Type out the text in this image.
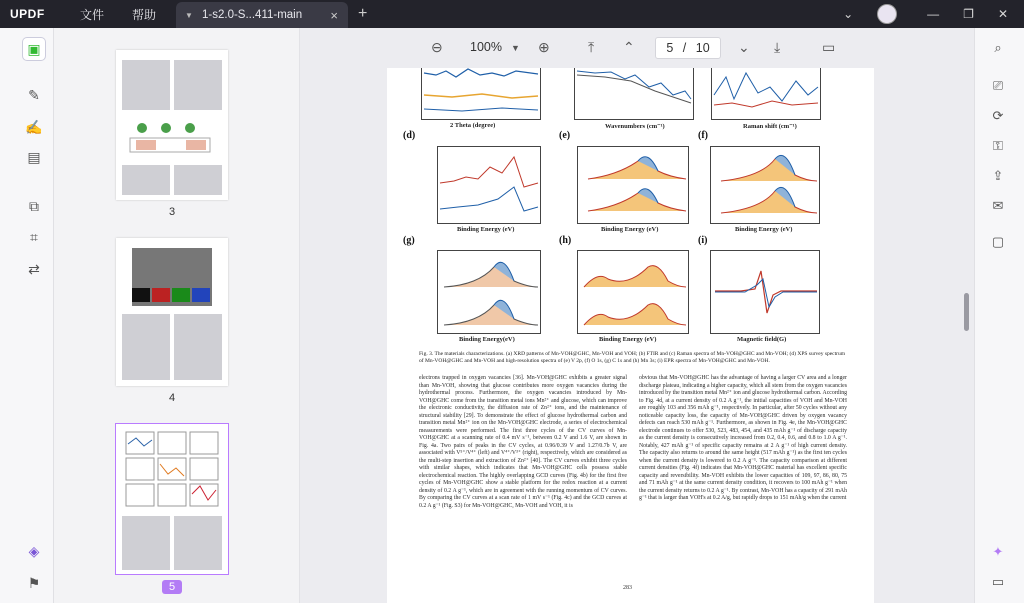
UPDF	文件 帮助	▼ 1-s2.0-S...411-main × +	⌄	— ❐ ✕
▣
✎
✍
▤
⧉
⌗
⇄
◈
⚑
3
4
5
⊖ 100% ▼ ⊕	⤒ ⌃	5 / 10	⌄ ⤓	▭
2 Theta (degree)	Wavenumbers (cm⁻¹)	Raman shift (cm⁻¹)
(d)
Binding Energy (eV)
(e)
Binding Energy (eV)
(f)
Binding Energy (eV)
(g)
Binding Energy(eV)
(h)
Binding Energy (eV)
(i)
Magnetic field(G)
Fig. 3. The materials characterizations. (a) XRD patterns of Mn-VOH@GHC, Mn-VOH and VOH; (b) FTIR and (c) Raman spectra of Mn-VOH@GHC and Mn-VOH; (d) XPS survey spectrum of Mn-VOH@GHC and Mn-VOH and high-resolution spectra of (e) V 2p, (f) O 1s, (g) C 1s and (h) Mn 3s; (i) EPR spectra of Mn-VOH@GHC and Mn-VOH.
electrons trapped in oxygen vacancies [36]. Mn-VOH@GHC exhibits a greater signal than Mn-VOH, showing that glucose contributes more oxygen vacancies during the hydrothermal process. Furthermore, the oxygen vacancies introduced by Mn-VOH@GHC come from the transition metal ions Mn²⁺ and glucose, which can improve the electronic conductivity, the diffusion rate of Zn²⁺ ions, and the maintenance of structural stability [29]. To demonstrate the effect of glucose hydrothermal carbon and transition metal Mn²⁺ ion on the Mn-VOH@GHC electrode, a series of electrochemical measurements were performed. The first three cycles of the CV curves of Mn-VOH@GHC at a scanning rate of 0.4 mV s⁻¹, between 0.2 V and 1.6 V, are shown in Fig. 4a. Two pairs of peaks in the CV cycles, at 0.96/0.39 V and 1.27/0.7b V, are associated with V⁵⁺/V⁴⁺ (left) and V⁴⁺/V³⁺ (right), respectively, which are considered as the multi-step insertion and extraction of Zn²⁺ [40]. The CV curves exhibit three cycles with similar shapes, which indicates that Mn-VOH@GHC cells possess stable electrochemical reaction. The highly overlapping GCD curves (Fig. 4b) for the first five cycles of Mn-VOH@GHC show a stable platform for the redox reaction at a current density of 0.2 A g⁻¹, which are in agreement with the running momentum of CV curves. By comparing the CV curves at a scan rate of 1 mV s⁻¹ (Fig. 4c) and the GCD curves at 0.2 A g⁻¹ (Fig. S3) for Mn-VOH@GHC, Mn-VOH and VOH, it is
obvious that Mn-VOH@GHC has the advantage of having a larger CV area and a longer discharge plateau, indicating a higher capacity, which all stem from the oxygen vacancies introduced by the transition metal Mn²⁺ ion and glucose hydrothermal carbon. According to Fig. 4d, at a current density of 0.2 A g⁻¹, the initial capacities of VOH and Mn-VOH are roughly 103 and 356 mAh g⁻¹, respectively. In particular, after 50 cycles without any noticeable capacity loss, the capacity of Mn-VOH@GHC driven by oxygen vacancy defects can reach 530 mAh g⁻¹. Furthermore, as shown in Fig. 4e, the Mn-VOH@GHC electrode continues to offer 530, 523, 483, 454, and 435 mAh g⁻¹ of discharge capacity as the current density is consecutively increased from 0.2, 0.4, 0.6, and 0.8 to 1.0 A g⁻¹. Notably, 427 mAh g⁻¹ of specific capacity remains at 2 A g⁻¹ of high current density. The capacity also returns to around the same height (517 mAh g⁻¹) as the first ten cycles when the current density is lowered to 0.2 A g⁻¹. The capacity comparison at different current densities (Fig. 4f) indicates that Mn-VOH@GHC material has excellent specific capacity and reversibility. Mn-VOH exhibits the lower capacities of 109, 97, 86, 80, 75 and 71 mAh g⁻¹ at the same current density condition, it recovers to 100 mAh g⁻¹ when the current density returns to 0.2 A g⁻¹. By contrast, Mn-VOH has a capacity of 291 mAh g⁻¹ that is larger than VOH's at 0.2 A/g, but rapidly drops to 151 mAh/g when the current
283
⌕
⎚
⟳
⚿
⇪
✉
▢
✦
▭
